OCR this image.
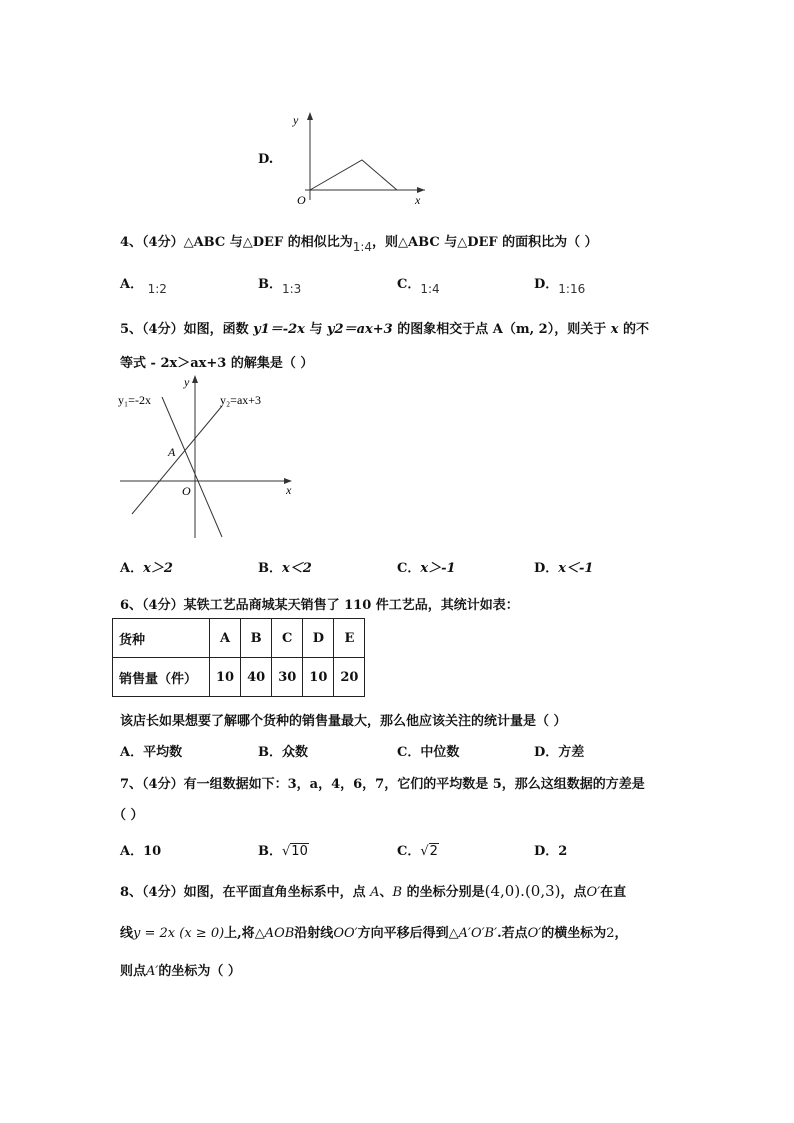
D.
y
x
O
4、（4分）△ABC 与△DEF 的相似比为1:4，则△ABC 与△DEF 的面积比为（ ）
A． 1:2	B．1:3	C．1:4	D．1:16
5、（4分）如图，函数 y1＝-2x 与 y2＝ax+3 的图象相交于点 A（m, 2），则关于 x 的不
等式 - 2x＞ax+3 的解集是（ ）
y₁=-2x	y₂=ax+3
A
O	x
y
A．x＞2	B．x＜2	C．x＞-1	D．x＜-1
6、（4分）某铁工艺品商城某天销售了 110 件工艺品，其统计如表：
货种	A	B	C	D	E
销售量（件）	10	40	30	10	20
该店长如果想要了解哪个货种的销售量最大，那么他应该关注的统计量是（ ）
A．平均数	B．众数	C．中位数	D．方差
7、（4分）有一组数据如下：3，a，4，6，7，它们的平均数是 5，那么这组数据的方差是
（ ）
A．10	B．√10	C．√2	D．2
8、（4分）如图，在平面直角坐标系中，点 A、B 的坐标分别是(4,0).(0,3)，点O′在直
线y = 2x (x ≥ 0)上,将△AOB沿射线OO′方向平移后得到△A′O′B′.若点O′的横坐标为2，
则点A′的坐标为（ ）
